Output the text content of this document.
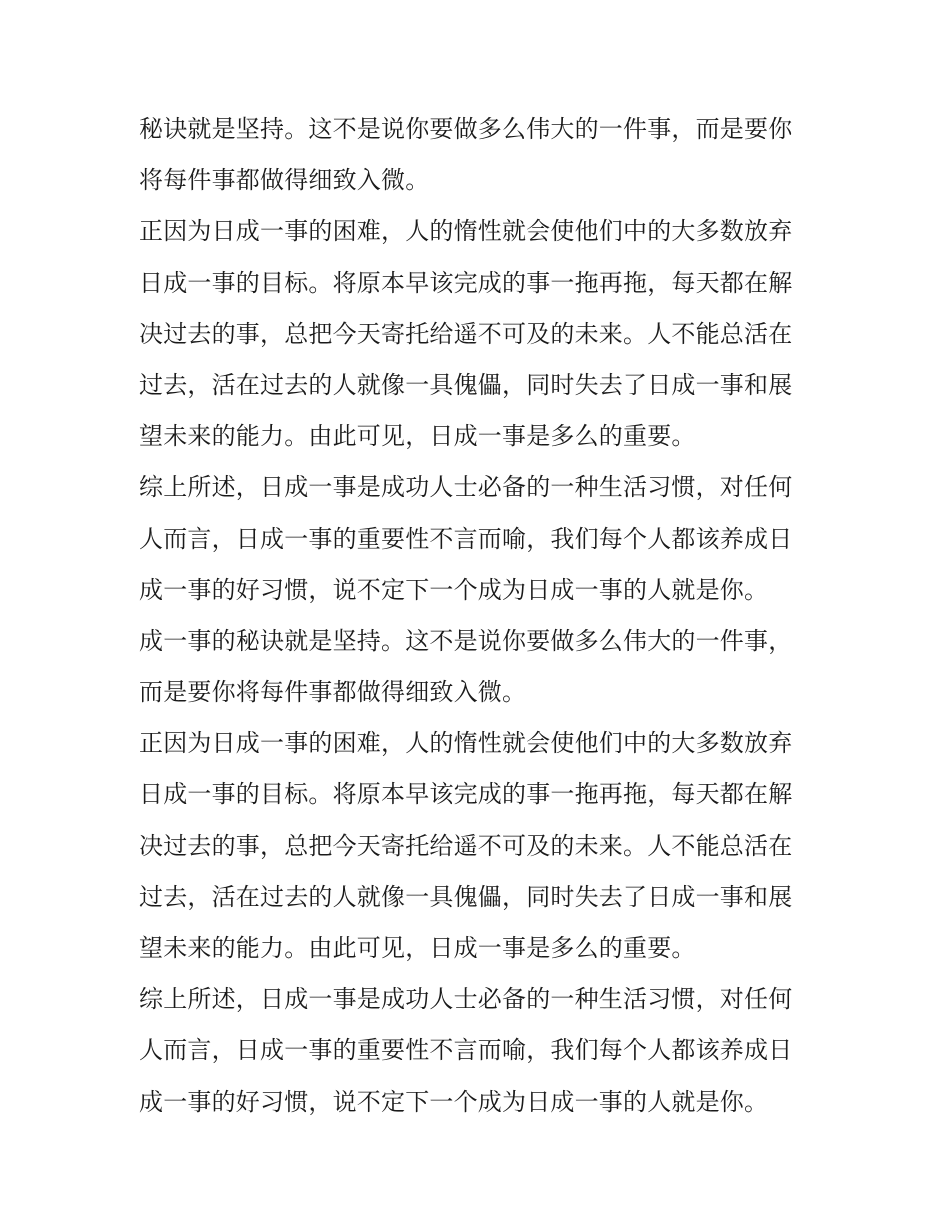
秘诀就是坚持。这不是说你要做多么伟大的一件事，而是要你
将每件事都做得细致入微。
正因为日成一事的困难，人的惰性就会使他们中的大多数放弃
日成一事的目标。将原本早该完成的事一拖再拖，每天都在解
决过去的事，总把今天寄托给遥不可及的未来。人不能总活在
过去，活在过去的人就像一具傀儡，同时失去了日成一事和展
望未来的能力。由此可见，日成一事是多么的重要。
综上所述，日成一事是成功人士必备的一种生活习惯，对任何
人而言，日成一事的重要性不言而喻，我们每个人都该养成日
成一事的好习惯，说不定下一个成为日成一事的人就是你。
成一事的秘诀就是坚持。这不是说你要做多么伟大的一件事，
而是要你将每件事都做得细致入微。
正因为日成一事的困难，人的惰性就会使他们中的大多数放弃
日成一事的目标。将原本早该完成的事一拖再拖，每天都在解
决过去的事，总把今天寄托给遥不可及的未来。人不能总活在
过去，活在过去的人就像一具傀儡，同时失去了日成一事和展
望未来的能力。由此可见，日成一事是多么的重要。
综上所述，日成一事是成功人士必备的一种生活习惯，对任何
人而言，日成一事的重要性不言而喻，我们每个人都该养成日
成一事的好习惯，说不定下一个成为日成一事的人就是你。
